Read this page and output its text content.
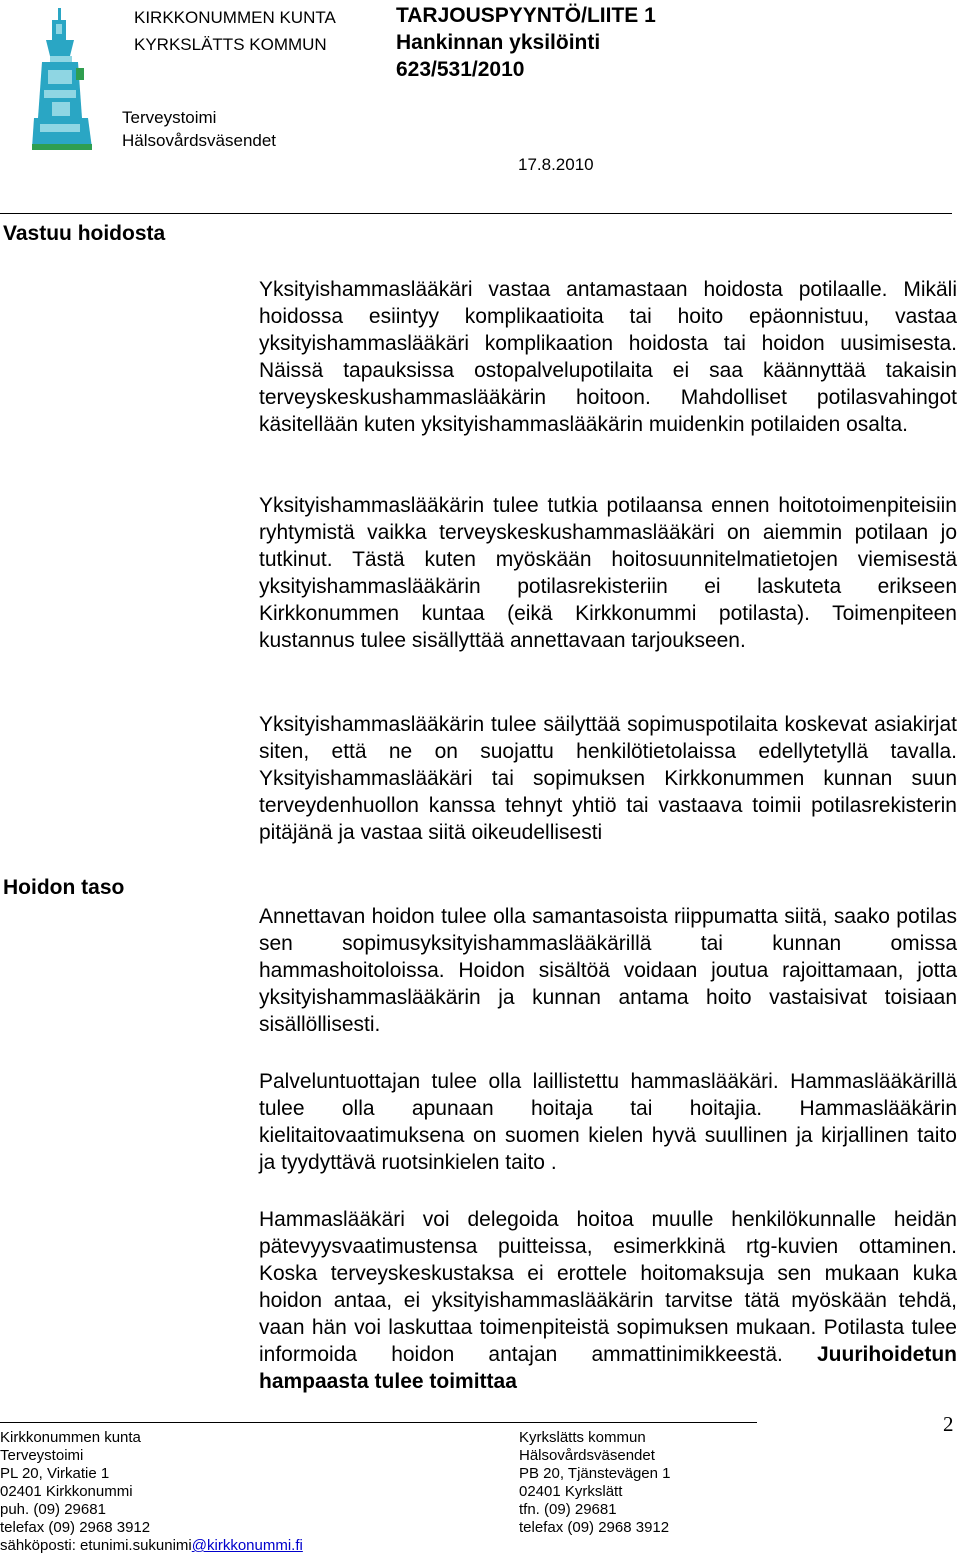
KIRKKONUMMEN KUNTA
KYRKSLÄTTS KOMMUN
TARJOUSPYYNTÖ/LIITE 1
Hankinnan yksilöinti
623/531/2010
Terveystoimi
Hälsovårdsväsendet
17.8.2010
Vastuu hoidosta
Yksityishammaslääkäri vastaa antamastaan hoidosta potilaalle. Mikäli hoidossa esiintyy komplikaatioita tai hoito epäonnistuu, vastaa yksityishammaslääkäri komplikaation hoidosta tai hoidon uusimisesta. Näissä tapauksissa ostopalvelupotilaita ei saa käännyttää takaisin terveyskeskushammaslääkärin hoitoon. Mahdolliset potilasvahingot käsitellään kuten yksityishammaslääkärin muidenkin potilaiden osalta.
Yksityishammaslääkärin tulee tutkia potilaansa ennen hoitotoimenpiteisiin ryhtymistä vaikka terveyskeskushammaslääkäri on aiemmin potilaan jo tutkinut. Tästä kuten myöskään hoitosuunnitelmatietojen viemisestä yksityishammaslääkärin potilasrekisteriin ei laskuteta erikseen Kirkkonummen kuntaa (eikä Kirkkonummi potilasta). Toimenpiteen kustannus tulee sisällyttää annettavaan tarjoukseen.
Yksityishammaslääkärin tulee säilyttää sopimuspotilaita koskevat asiakirjat siten, että ne on suojattu henkilötietolaissa edellytetyllä tavalla. Yksityishammaslääkäri tai sopimuksen Kirkkonummen kunnan suun terveydenhuollon kanssa tehnyt yhtiö tai vastaava toimii potilasrekisterin pitäjänä ja vastaa siitä oikeudellisesti
Hoidon taso
Annettavan hoidon tulee olla samantasoista riippumatta siitä, saako potilas sen sopimusyksityishammaslääkärillä tai kunnan omissa hammashoitoloissa. Hoidon sisältöä voidaan joutua rajoittamaan, jotta yksityishammaslääkärin ja kunnan antama hoito vastaisivat toisiaan sisällöllisesti.
Palveluntuottajan tulee olla laillistettu hammaslääkäri. Hammaslääkärillä tulee olla apunaan hoitaja tai hoitajia. Hammaslääkärin kielitaitovaatimuksena on suomen kielen hyvä suullinen ja kirjallinen taito ja tyydyttävä ruotsinkielen taito .
Hammaslääkäri voi delegoida hoitoa muulle henkilökunnalle heidän pätevyysvaatimustensa puitteissa, esimerkkinä rtg-kuvien ottaminen. Koska terveyskeskustaksa ei erottele hoitomaksuja sen mukaan kuka hoidon antaa, ei yksityishammaslääkärin tarvitse tätä myöskään tehdä, vaan hän voi laskuttaa toimenpiteistä sopimuksen mukaan. Potilasta tulee informoida hoidon antajan ammattinimikkeestä. Juurihoidetun hampaasta tulee toimittaa
Kirkkonummen kunta
Terveystoimi
PL 20, Virkatie 1
02401 Kirkkonummi
puh. (09) 29681
telefax (09) 2968 3912
sähköposti: etunimi.sukunimi@kirkkonummi.fi
Kyrkslätts kommun
Hälsovårdsväsendet
PB 20, Tjänstevägen 1
02401 Kyrkslätt
tfn. (09) 29681
telefax (09) 2968 3912
2
